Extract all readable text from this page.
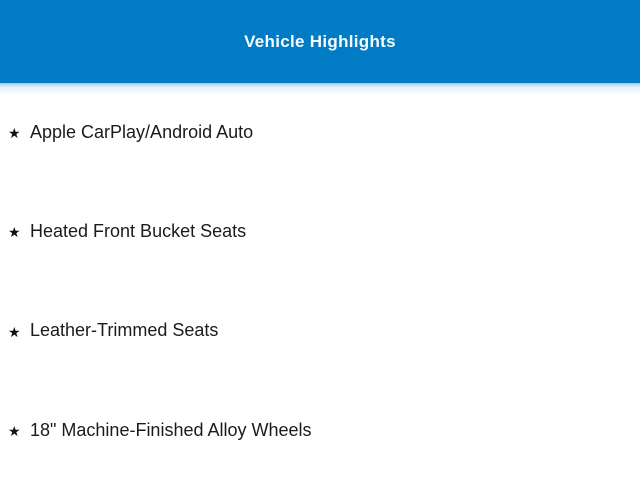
Vehicle Highlights
★ Apple CarPlay/Android Auto
★ Heated Front Bucket Seats
★ Leather-Trimmed Seats
★ 18" Machine-Finished Alloy Wheels
